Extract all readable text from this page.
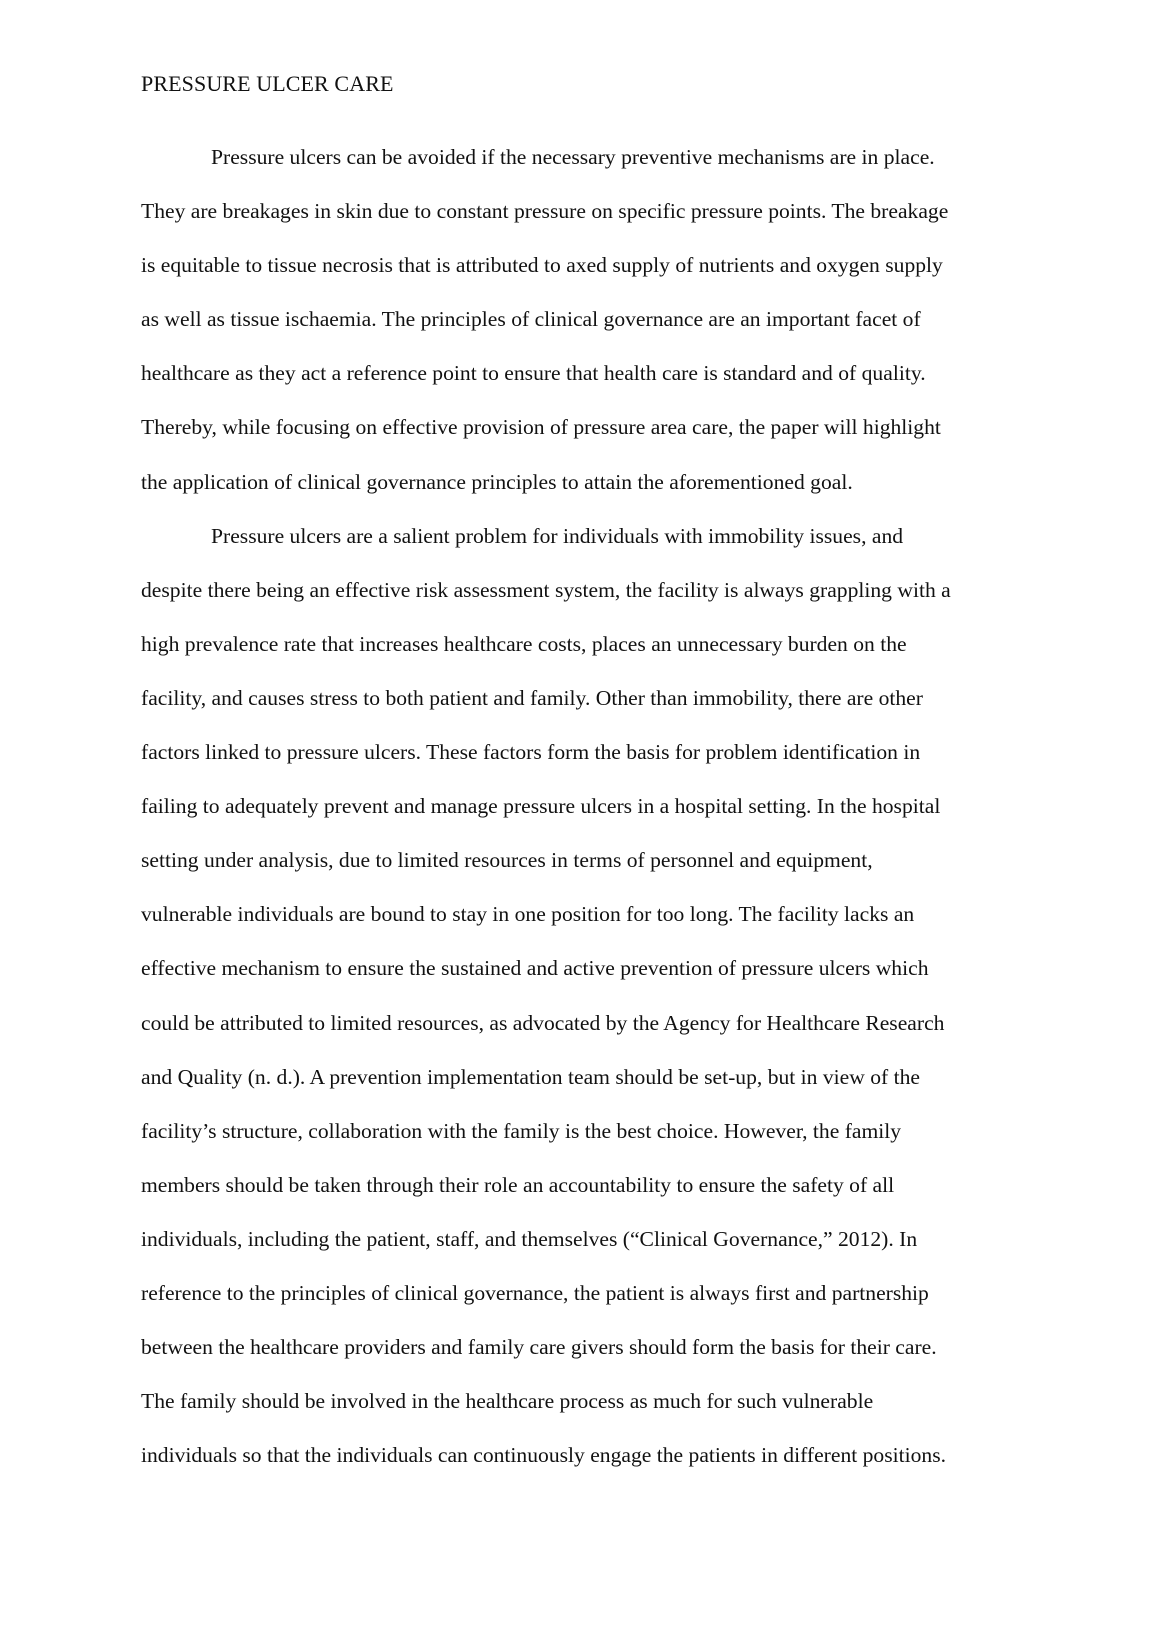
PRESSURE ULCER CARE

Pressure ulcers can be avoided if the necessary preventive mechanisms are in place.
They are breakages in skin due to constant pressure on specific pressure points. The breakage
is equitable to tissue necrosis that is attributed to axed supply of nutrients and oxygen supply
as well as tissue ischaemia. The principles of clinical governance are an important facet of
healthcare as they act a reference point to ensure that health care is standard and of quality.
Thereby, while focusing on effective provision of pressure area care, the paper will highlight
the application of clinical governance principles to attain the aforementioned goal.
Pressure ulcers are a salient problem for individuals with immobility issues, and
despite there being an effective risk assessment system, the facility is always grappling with a
high prevalence rate that increases healthcare costs, places an unnecessary burden on the
facility, and causes stress to both patient and family. Other than immobility, there are other
factors linked to pressure ulcers. These factors form the basis for problem identification in
failing to adequately prevent and manage pressure ulcers in a hospital setting. In the hospital
setting under analysis, due to limited resources in terms of personnel and equipment,
vulnerable individuals are bound to stay in one position for too long. The facility lacks an
effective mechanism to ensure the sustained and active prevention of pressure ulcers which
could be attributed to limited resources, as advocated by the Agency for Healthcare Research
and Quality (n. d.). A prevention implementation team should be set-up, but in view of the
facility’s structure, collaboration with the family is the best choice. However, the family
members should be taken through their role an accountability to ensure the safety of all
individuals, including the patient, staff, and themselves (“Clinical Governance,” 2012). In
reference to the principles of clinical governance, the patient is always first and partnership
between the healthcare providers and family care givers should form the basis for their care.
The family should be involved in the healthcare process as much for such vulnerable
individuals so that the individuals can continuously engage the patients in different positions.
